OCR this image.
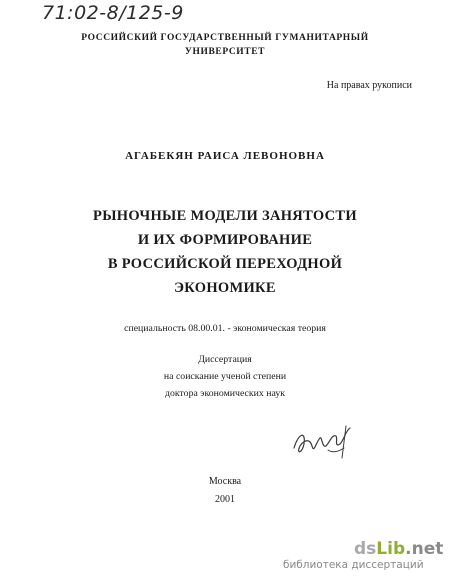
71:02-8/125-9
РОССИЙСКИЙ ГОСУДАРСТВЕННЫЙ ГУМАНИТАРНЫЙ
УНИВЕРСИТЕТ
На правах рукописи
АГАБЕКЯН РАИСА ЛЕВОНОВНА
РЫНОЧНЫЕ МОДЕЛИ ЗАНЯТОСТИ
И ИХ ФОРМИРОВАНИЕ
В РОССИЙСКОЙ ПЕРЕХОДНОЙ
ЭКОНОМИКЕ
специальность 08.00.01. - экономическая теория
Диссертация
на соискание ученой степени
доктора экономических наук
Москва
2001
dsLib.net
библиотека диссертаций
